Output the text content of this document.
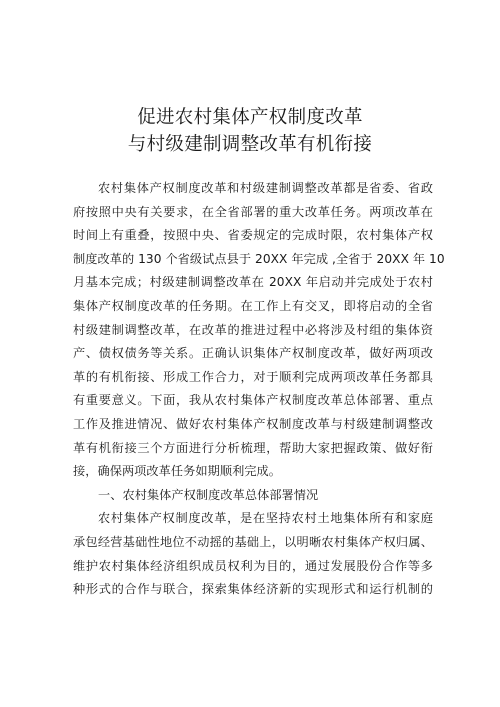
促进农村集体产权制度改革
与村级建制调整改革有机衔接
农村集体产权制度改革和村级建制调整改革都是省委、省政
府按照中央有关要求，在全省部署的重大改革任务。两项改革在
时间上有重叠，按照中央、省委规定的完成时限，农村集体产权
制度改革的 130 个省级试点县于 20XX 年完成 ,全省于 20XX 年 10
月基本完成；村级建制调整改革在 20XX 年启动并完成处于农村
集体产权制度改革的任务期。在工作上有交叉，即将启动的全省
村级建制调整改革，在改革的推进过程中必将涉及村组的集体资
产、债权债务等关系。正确认识集体产权制度改革，做好两项改
革的有机衔接、形成工作合力，对于顺利完成两项改革任务都具
有重要意义。下面，我从农村集体产权制度改革总体部署、重点
工作及推进情况、做好农村集体产权制度改革与村级建制调整改
革有机衔接三个方面进行分析梳理，帮助大家把握政策、做好衔
接，确保两项改革任务如期顺利完成。
一、农村集体产权制度改革总体部署情况
农村集体产权制度改革，是在坚持农村土地集体所有和家庭
承包经营基础性地位不动摇的基础上，以明晰农村集体产权归属、
维护农村集体经济组织成员权利为目的，通过发展股份合作等多
种形式的合作与联合，探索集体经济新的实现形式和运行机制的
